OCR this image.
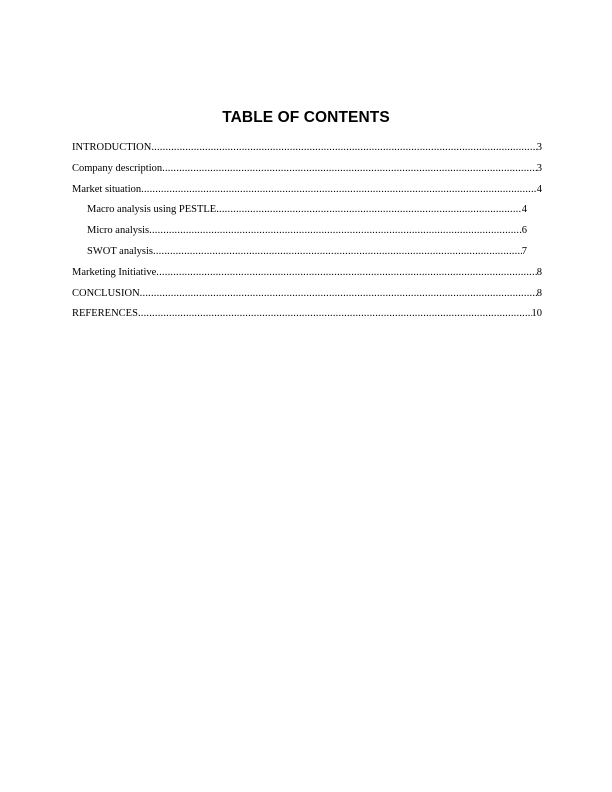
TABLE OF CONTENTS
INTRODUCTION .....	3
Company description .....	3
Market situation .....	4
Macro analysis using PESTLE .....	4
Micro analysis .....	6
SWOT analysis .....	7
Marketing Initiative .....	8
CONCLUSION .....	8
REFERENCES .....	10
